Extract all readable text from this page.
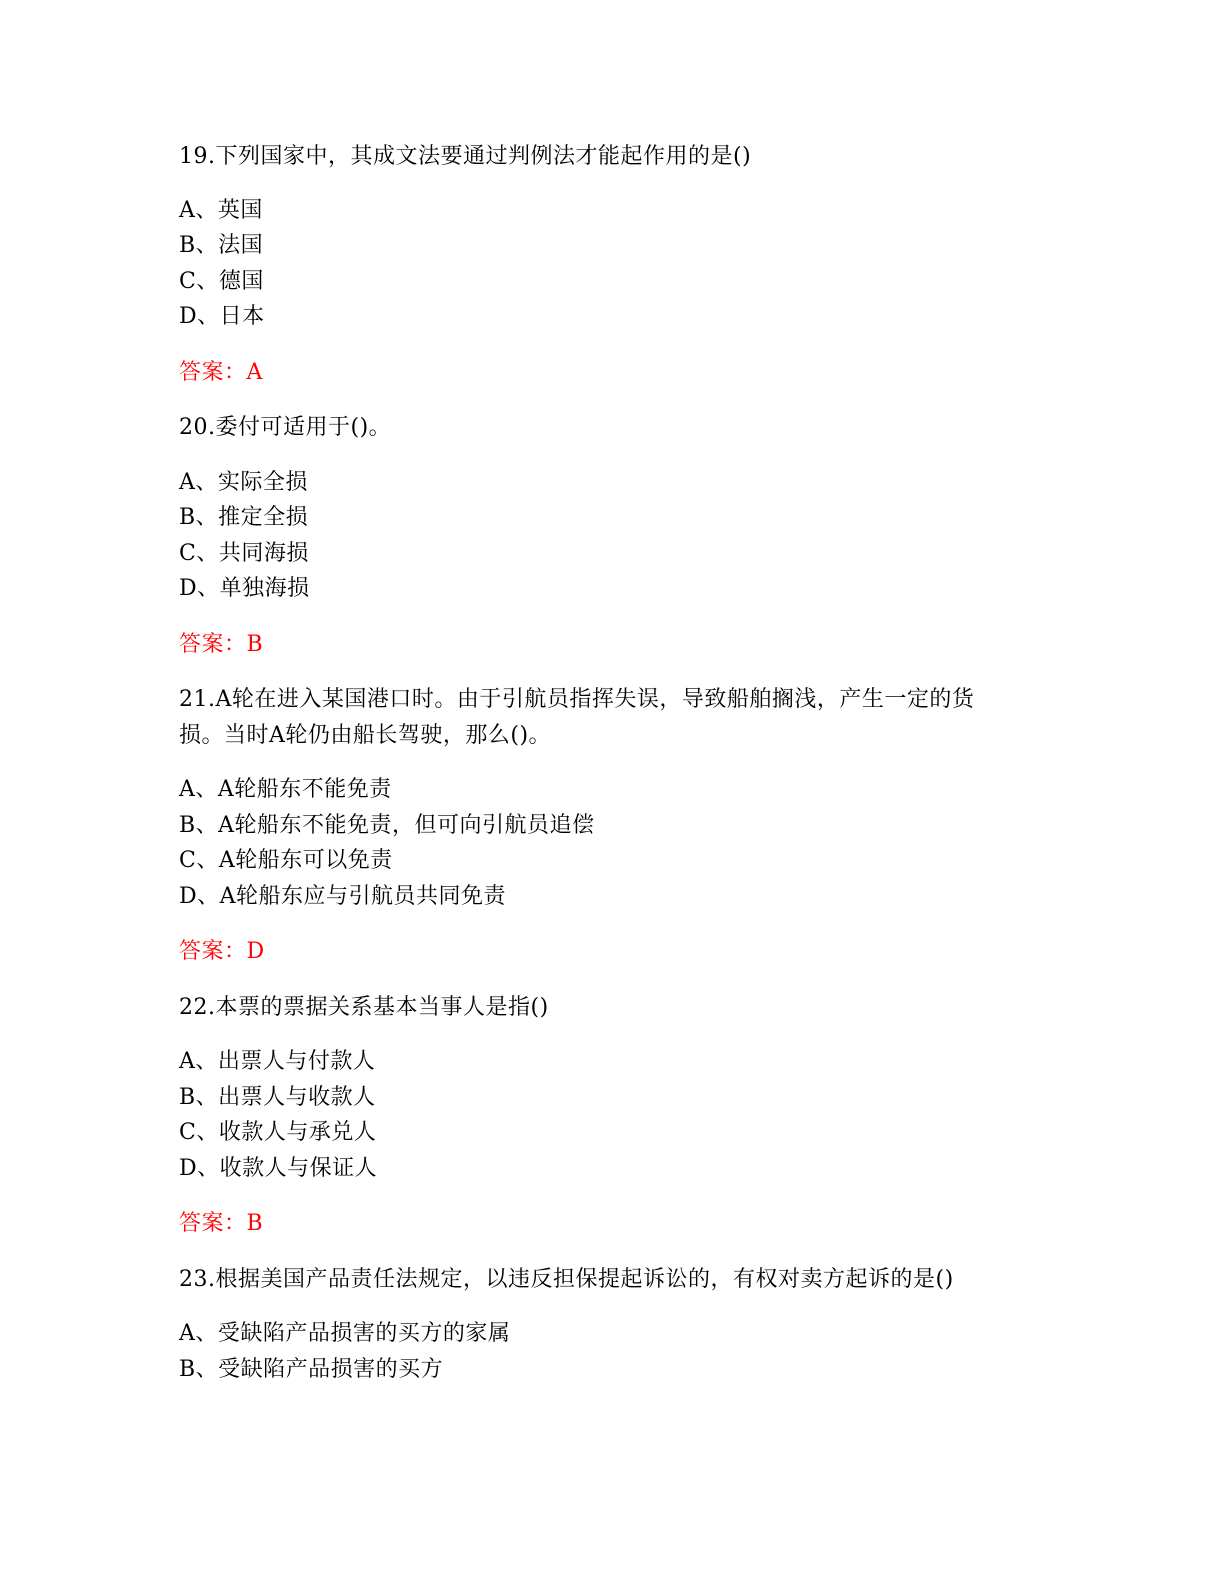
19.下列国家中，其成文法要通过判例法才能起作用的是()
A、英国
B、法国
C、德国
D、日本
答案：A
20.委付可适用于()。
A、实际全损
B、推定全损
C、共同海损
D、单独海损
答案：B
21.A轮在进入某国港口时。由于引航员指挥失误，导致船舶搁浅，产生一定的货
损。当时A轮仍由船长驾驶，那么()。
A、A轮船东不能免责
B、A轮船东不能免责，但可向引航员追偿
C、A轮船东可以免责
D、A轮船东应与引航员共同免责
答案：D
22.本票的票据关系基本当事人是指()
A、出票人与付款人
B、出票人与收款人
C、收款人与承兑人
D、收款人与保证人
答案：B
23.根据美国产品责任法规定，以违反担保提起诉讼的，有权对卖方起诉的是()
A、受缺陷产品损害的买方的家属
B、受缺陷产品损害的买方
